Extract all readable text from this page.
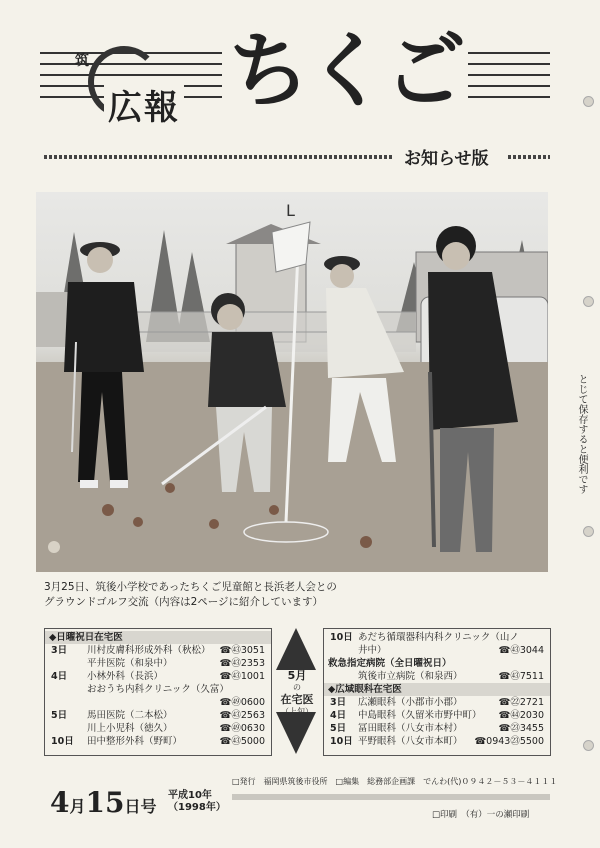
筑
広報 ちくご
お知らせ版
L
3月25日、筑後小学校であったちくご児童館と長浜老人会との
グラウンドゴルフ交流（内容は2ページに紹介しています）
とじて保存すると便利です
◆日曜祝日在宅医
3日 川村皮膚科形成外科（秋松） ☎㊸3051
平井医院（和泉中）	☎㊸2353
4日 小林外科（長浜）	☎㊸1001
おおうち内科クリニック（久富）
☎㊾0600
5日 馬田医院（二本松）	☎㊸2563
川上小児科（徳久）	☎㊾0630
10日 田中整形外科（野町）	☎㊸5000
5月
の
在宅医
（上旬）
10日 あだち循環器科内科クリニック（山ノ
井中）	☎㊸3044
救急指定病院（全日曜祝日）
筑後市立病院（和泉西）	☎㊸7511
◆広域眼科在宅医
3日 広瀬眼科（小郡市小郡）	☎㉒2721
4日 中島眼科（久留米市野中町） ☎㊹2030
5日 冨田眼科（八女市本村）	☎㉓3455
10日 平野眼科（八女市本町） ☎0943㉓5500
4月15日号
平成10年
（1998年）
□発行　福岡県筑後市役所　□編集　総務部企画課　でんわ(代)０９４２－５３－４１１１
□印刷　（有）一の瀬印刷
